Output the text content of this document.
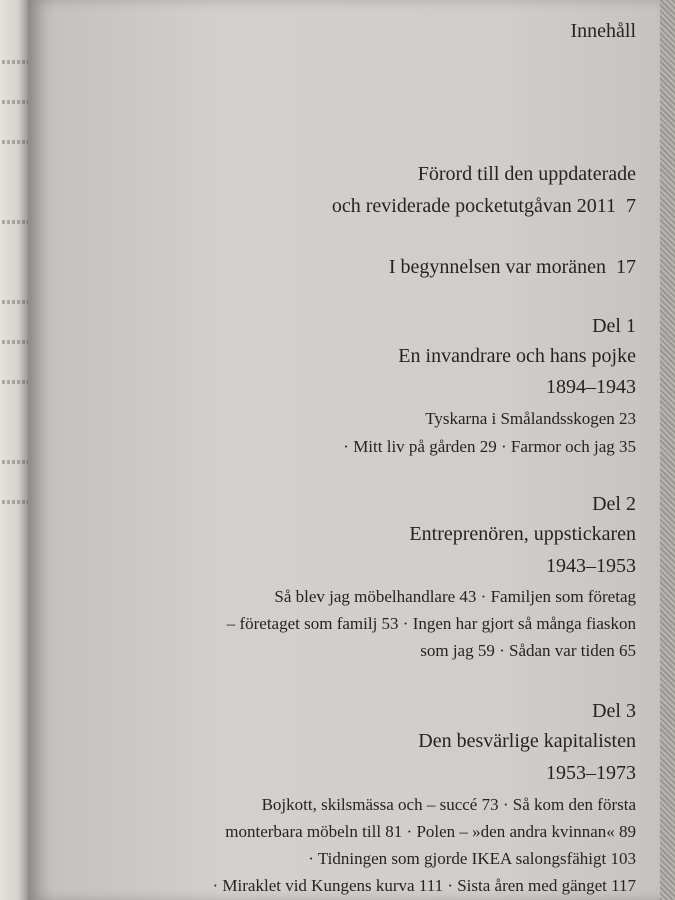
Innehåll
Förord till den uppdaterade
och reviderade pocketutgåvan 2011 7
I begynnelsen var moränen 17
Del 1
En invandrare och hans pojke
1894–1943
Tyskarna i Smålandsskogen 23
· Mitt liv på gården 29 · Farmor och jag 35
Del 2
Entreprenören, uppstickaren
1943–1953
Så blev jag möbelhandlare 43 · Familjen som företag
– företaget som familj 53 · Ingen har gjort så många fiaskon
som jag 59 · Sådan var tiden 65
Del 3
Den besvärlige kapitalisten
1953–1973
Bojkott, skilsmässa och – succé 73 · Så kom den första
monterbara möbeln till 81 · Polen – »den andra kvinnan« 89
· Tidningen som gjorde IKEA salongsfähigt 103
· Miraklet vid Kungens kurva 111 · Sista åren med gänget 117
